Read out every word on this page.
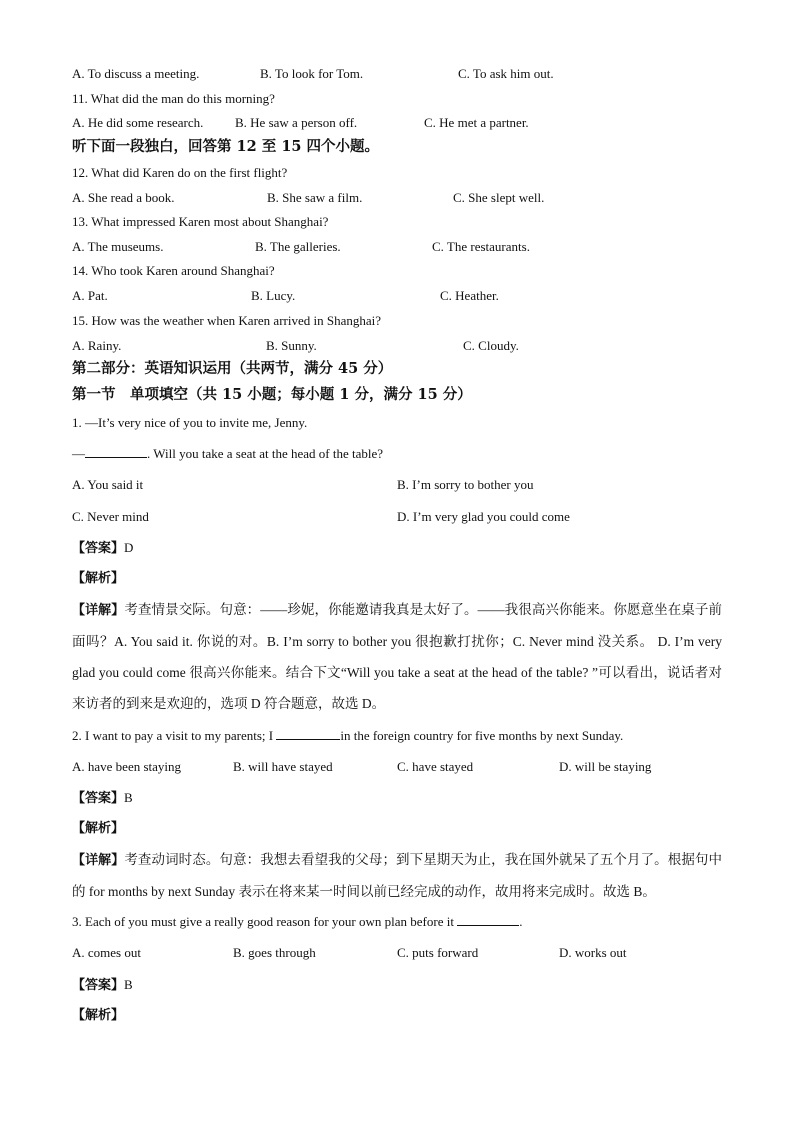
A. To discuss a meeting.	B. To look for Tom.	C. To ask him out.
11. What did the man do this morning?
A. He did some research. B. He saw a person off.	C. He met a partner.
听下面一段独白，回答第 12 至 15 四个小题。
12. What did Karen do on the first flight?
A. She read a book.	B. She saw a film.	C. She slept well.
13. What impressed Karen most about Shanghai?
A. The museums.	B. The galleries.	C. The restaurants.
14. Who took Karen around Shanghai?
A. Pat.	B. Lucy.	C. Heather.
15. How was the weather when Karen arrived in Shanghai?
A. Rainy.	B. Sunny.	C. Cloudy.
第二部分：英语知识运用（共两节，满分 45 分）
第一节　单项填空（共 15 小题；每小题 1 分，满分 15 分）
1. —It’s very nice of you to invite me, Jenny.
—	. Will you take a seat at the head of the table?
A. You said it	B. I’m sorry to bother you
C. Never mind	D. I’m very glad you could come
【答案】D
【解析】
【详解】考查情景交际。句意：——珍妮，你能邀请我真是太好了。——我很高兴你能来。你愿意坐在桌子前面吗？A. You said it. 你说的对。B. I’m sorry to bother you 很抱歉打扰你；C. Never mind 没关系。 D. I’m very glad you could come 很高兴你能来。结合下文“Will you take a seat at the head of the table? ”可以看出，说话者对来访者的到来是欢迎的，选项 D 符合题意，故选 D。
2. I want to pay a visit to my parents; I	in the foreign country for five months by next Sunday.
A. have been staying	B. will have stayed	C. have stayed	D. will be staying
【答案】B
【解析】
【详解】考查动词时态。句意：我想去看望我的父母；到下星期天为止，我在国外就呆了五个月了。根据句中的 for months by next Sunday 表示在将来某一时间以前已经完成的动作，故用将来完成时。故选 B。
3. Each of you must give a really good reason for your own plan before it	.
A. comes out	B. goes through	C. puts forward	D. works out
【答案】B
【解析】
